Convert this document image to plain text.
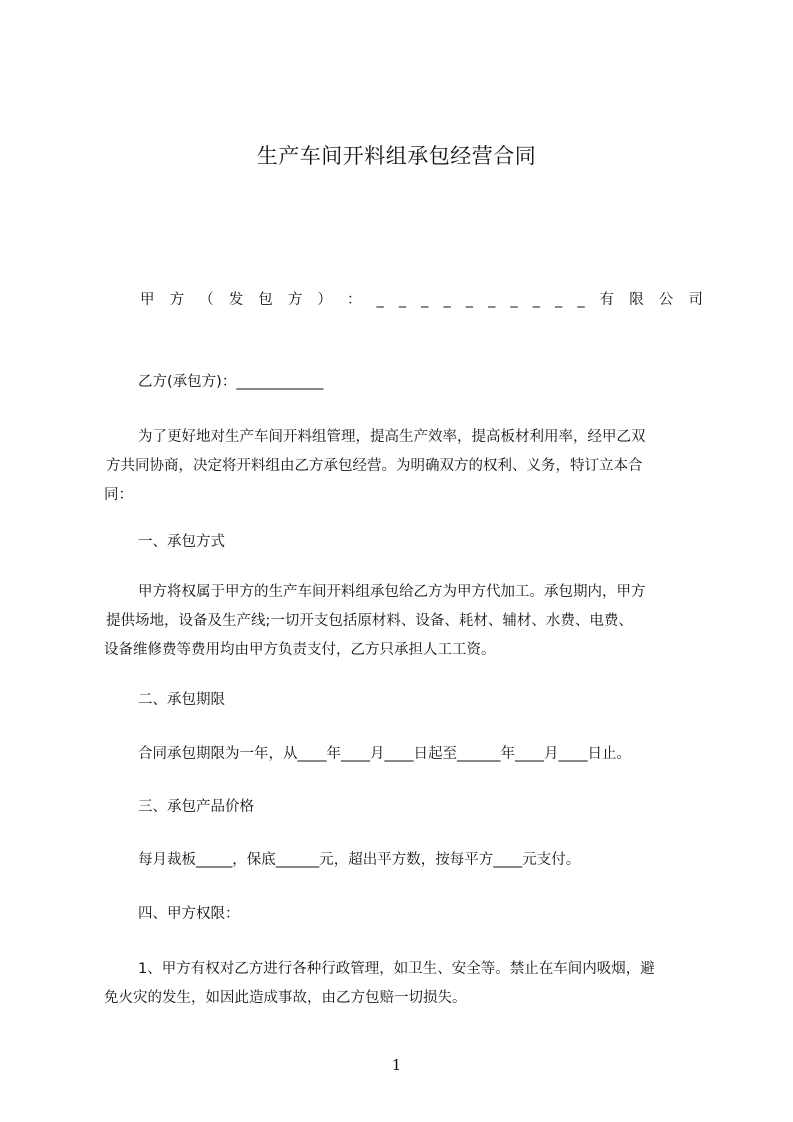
生产车间开料组承包经营合同
甲 方 （ 发 包 方 ） ： _ _ _ _ _ _ _ _ _ _ 有 限 公 司
乙方(承包方)：____________
为了更好地对生产车间开料组管理，提高生产效率，提高板材利用率，经甲乙双
方共同协商，决定将开料组由乙方承包经营。为明确双方的权利、义务，特订立本合
同：
一、承包方式
甲方将权属于甲方的生产车间开料组承包给乙方为甲方代加工。承包期内，甲方
提供场地，设备及生产线;一切开支包括原材料、设备、耗材、辅材、水费、电费、
设备维修费等费用均由甲方负责支付，乙方只承担人工工资。
二、承包期限
合同承包期限为一年，从____年____月____日起至______年____月____日止。
三、承包产品价格
每月裁板_____，保底______元，超出平方数，按每平方____元支付。
四、甲方权限：
1、甲方有权对乙方进行各种行政管理，如卫生、安全等。禁止在车间内吸烟，避
免火灾的发生，如因此造成事故，由乙方包赔一切损失。
1
